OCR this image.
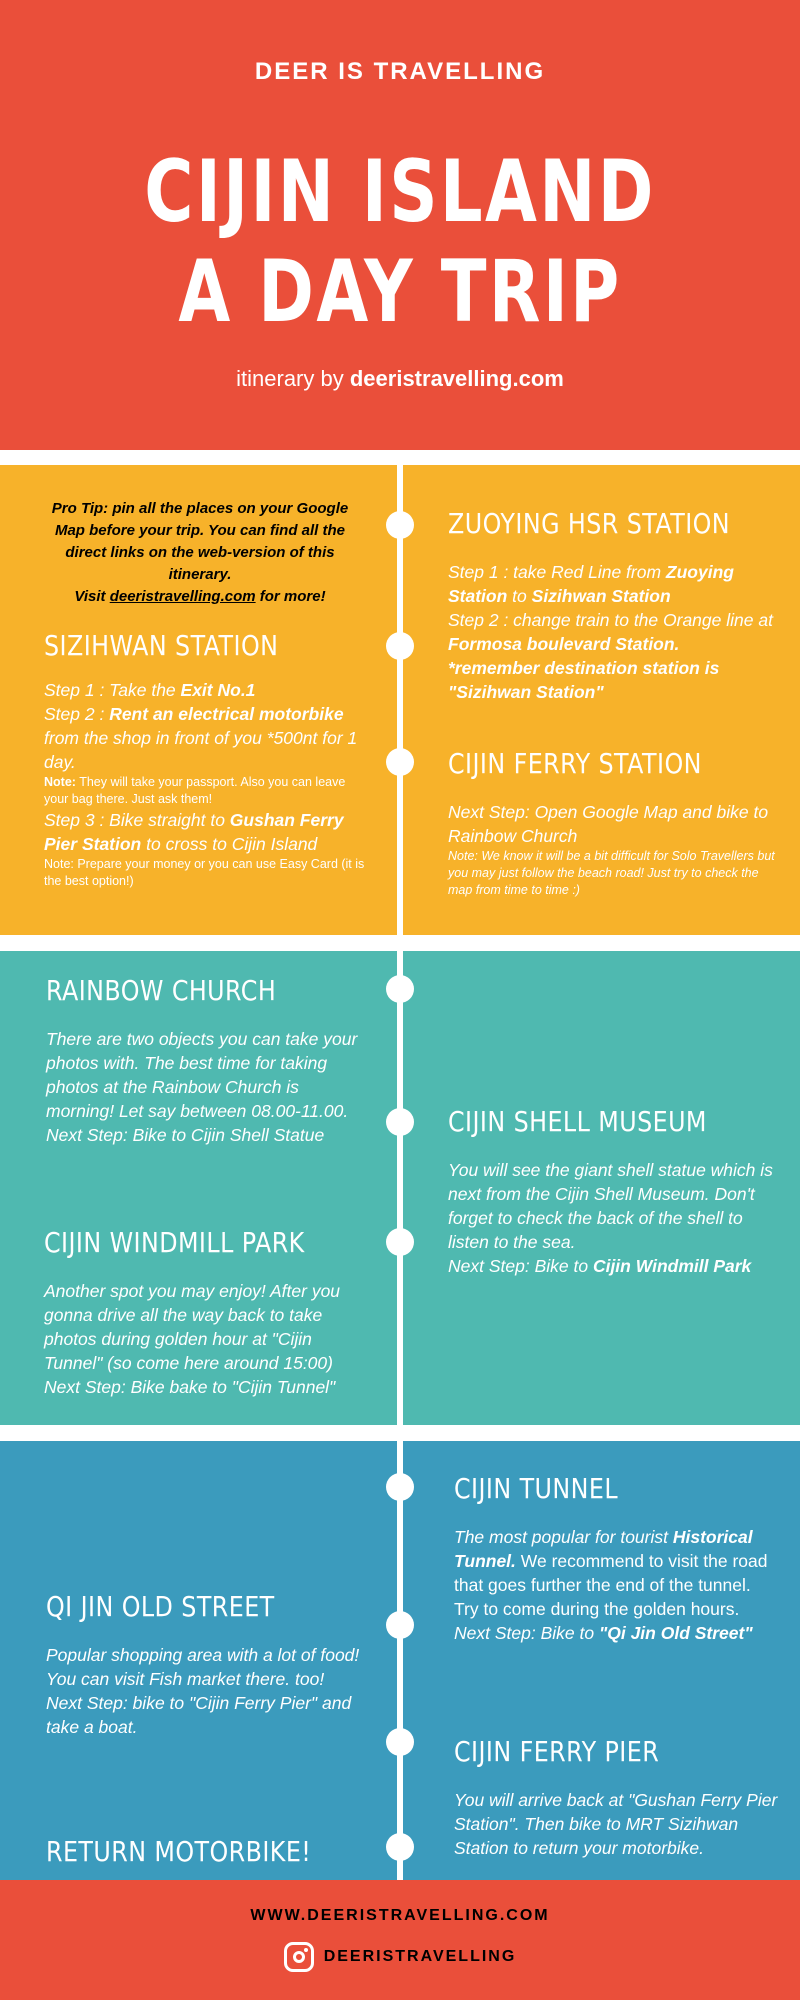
DEER IS TRAVELLING
CIJIN ISLAND
A DAY TRIP
itinerary by deeristravelling.com
Pro Tip: pin all the places on your Google Map before your trip. You can find all the direct links on the web-version of this itinerary.
Visit deeristravelling.com for more!
ZUOYING HSR STATION

Step 1 : take Red Line from Zuoying Station to Sizihwan Station

Step 2 : change train to the Orange line at Formosa boulevard Station.

*remember destination station is "Sizihwan Station"

SIZIHWAN STATION

Step 1 : Take the Exit No.1

Step 2 : Rent an electrical motorbike from the shop in front of you *500nt for 1 day.

Note: They will take your passport. Also you can leave your bag there. Just ask them!

Step 3 : Bike straight to Gushan Ferry Pier Station to cross to Cijin Island

Note: Prepare your money or you can use Easy Card (it is the best option!)

CIJIN FERRY STATION

Next Step: Open Google Map and bike to Rainbow Church

Note: We know it will be a bit difficult for Solo Travellers but you may just follow the beach road! Just try to check the map from time to time :)

RAINBOW CHURCH

There are two objects you can take your photos with. The best time for taking photos at the Rainbow Church is morning! Let say between 08.00-11.00.

Next Step: Bike to Cijin Shell Statue	CIJIN SHELL MUSEUM

You will see the giant shell statue which is next from the Cijin Shell Museum. Don't forget to check the back of the shell to listen to the sea.

Next Step: Bike to Cijin Windmill Park

CIJIN WINDMILL PARK

Another spot you may enjoy! After you gonna drive all the way back to take photos during golden hour at "Cijin Tunnel" (so come here around 15:00)

Next Step: Bike bake to "Cijin Tunnel"

CIJIN TUNNEL

The most popular for tourist Historical Tunnel. We recommend to visit the road that goes further the end of the tunnel. Try to come during the golden hours.

Next Step: Bike to "Qi Jin Old Street"

QI JIN OLD STREET

Popular shopping area with a lot of food! You can visit Fish market there. too!

Next Step: bike to "Cijin Ferry Pier" and take a boat.

CIJIN FERRY PIER

You will arrive back at "Gushan Ferry Pier Station". Then bike to MRT Sizihwan Station to return your motorbike.

RETURN MOTORBIKE!
WWW.DEERISTRAVELLING.COM
DEERISTRAVELLING
